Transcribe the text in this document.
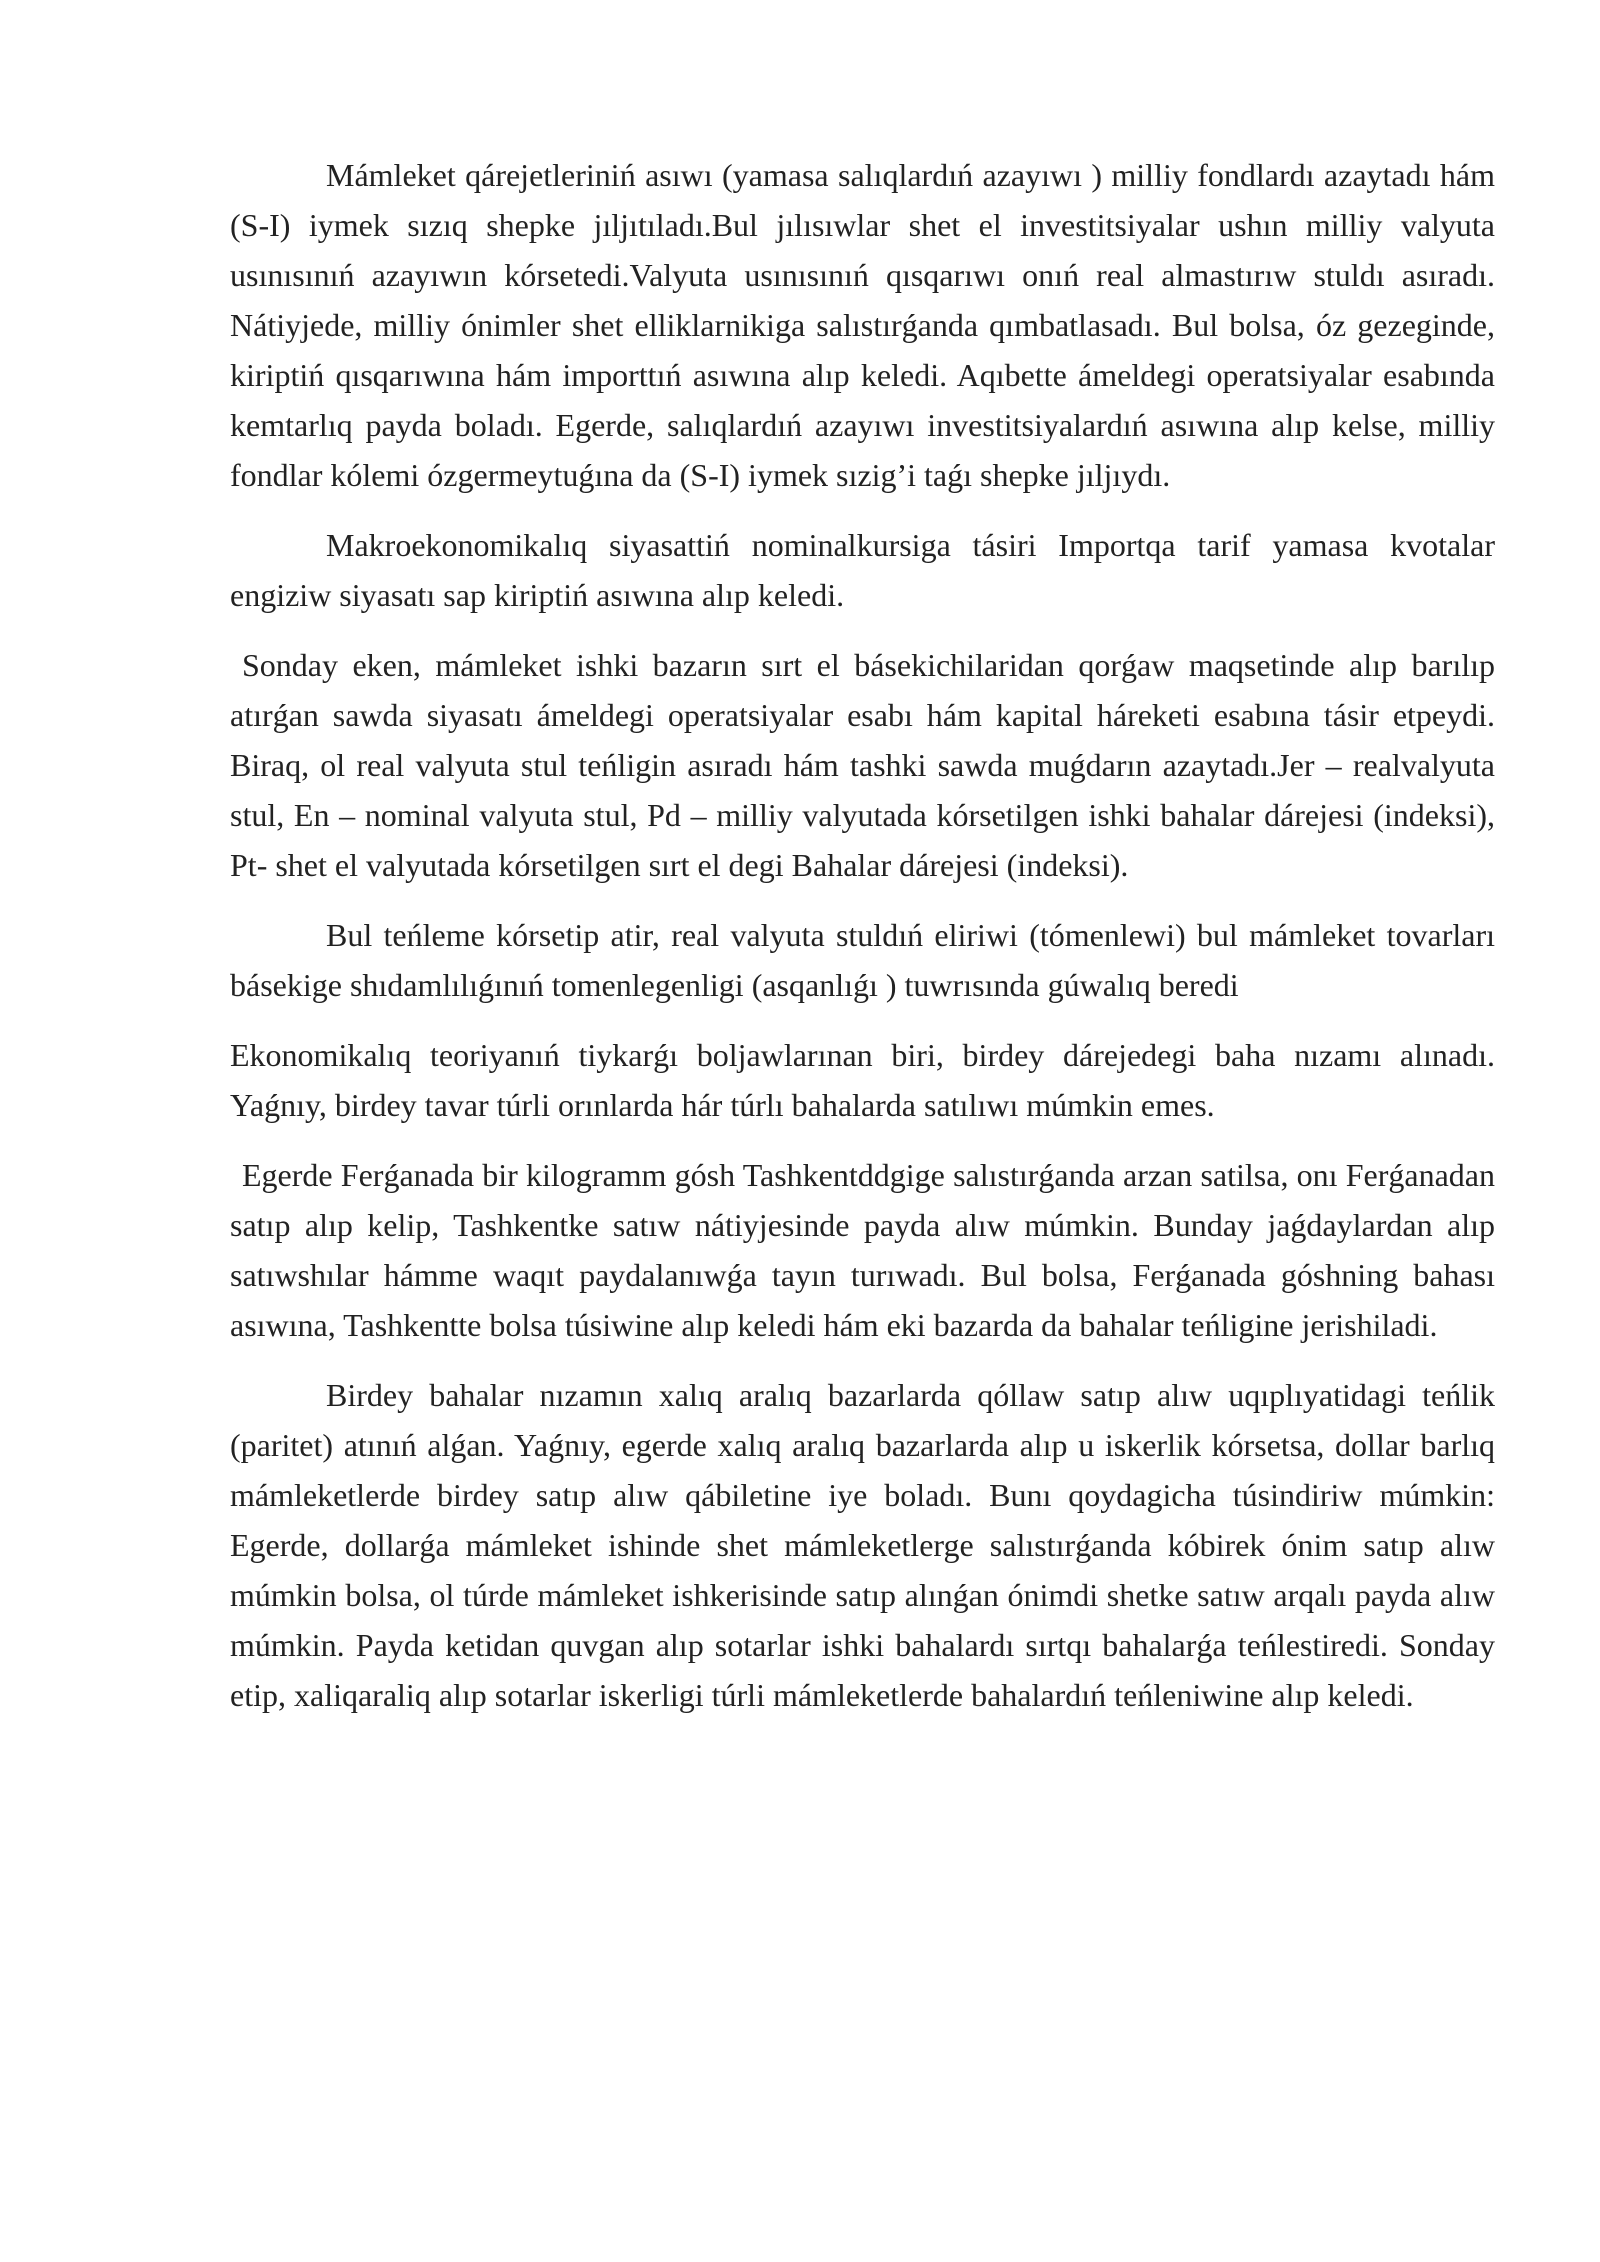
Mámleket qárejetleriniń asıwı (yamasa salıqlardıń azayıwı ) milliy fondlardı azaytadı hám (S-I) iymek sızıq shepke jıljıtıladı.Bul jılısıwlar shet el investitsiyalar ushın milliy valyuta usınısınıń azayıwın kórsetedi.Valyuta usınısınıń qısqarıwı onıń real almastırıw stuldı asıradı. Nátiyjede, milliy ónimler shet elliklarnikiga salıstırǵanda qımbatlasadı. Bul bolsa, óz gezeginde, kiriptiń qısqarıwına hám importtıń asıwına alıp keledi. Aqıbette ámeldegi operatsiyalar esabında kemtarlıq payda boladı. Egerde, salıqlardıń azayıwı investitsiyalardıń asıwına alıp kelse, milliy fondlar kólemi ózgermeytuǵına da (S-I) iymek sızig’i taǵı shepke jıljıydı.

Makroekonomikalıq siyasattiń nominalkursiga tásiri Importqa tarif yamasa kvotalar engiziw siyasatı sap kiriptiń asıwına alıp keledi.

Sonday eken, mámleket ishki bazarın sırt el básekichilaridan qorǵaw maqsetinde alıp barılıp atırǵan sawda siyasatı ámeldegi operatsiyalar esabı hám kapital háreketi esabına tásir etpeydi. Biraq, ol real valyuta stul teńligin asıradı hám tashki sawda muǵdarın azaytadı.Jer – realvalyuta stul, En – nominal valyuta stul, Pd – milliy valyutada kórsetilgen ishki bahalar dárejesi (indeksi), Pt- shet el valyutada kórsetilgen sırt el degi Bahalar dárejesi (indeksi).

Bul teńleme kórsetip atir, real valyuta stuldıń eliriwi (tómenlewi) bul mámleket tovarları básekige shıdamlılıǵınıń tomenlegenligi (asqanlıǵı ) tuwrısında gúwalıq beredi

Ekonomikalıq teoriyanıń tiykarǵı boljawlarınan biri, birdey dárejedegi baha nızamı alınadı. Yaǵnıy, birdey tavar túrli orınlarda hár túrlı bahalarda satılıwı múmkin emes.

Egerde Ferǵanada bir kilogramm gósh Tashkentddgige salıstırǵanda arzan satilsa, onı Ferǵanadan satıp alıp kelip, Tashkentke satıw nátiyjesinde payda alıw múmkin. Bunday jaǵdaylardan alıp satıwshılar hámme waqıt paydalanıwǵa tayın turıwadı. Bul bolsa, Ferǵanada góshning bahası asıwına, Tashkentte bolsa túsiwine alıp keledi hám eki bazarda da bahalar teńligine jerishiladi.

Birdey bahalar nızamın xalıq aralıq bazarlarda qóllaw satıp alıw uqıplıyatidagi teńlik (paritet) atınıń alǵan. Yaǵnıy, egerde xalıq aralıq bazarlarda alıp u iskerlik kórsetsa, dollar barlıq mámleketlerde birdey satıp alıw qábiletine iye boladı. Bunı qoydagicha túsindiriw múmkin: Egerde, dollarǵa mámleket ishinde shet mámleketlerge salıstırǵanda kóbirek ónim satıp alıw múmkin bolsa, ol túrde mámleket ishkerisinde satıp alınǵan ónimdi shetke satıw arqalı payda alıw múmkin. Payda ketidan quvgan alıp sotarlar ishki bahalardı sırtqı bahalarǵa teńlestiredi. Sonday etip, xaliqaraliq alıp sotarlar iskerligi túrli mámleketlerde bahalardıń teńleniwine alıp keledi.
